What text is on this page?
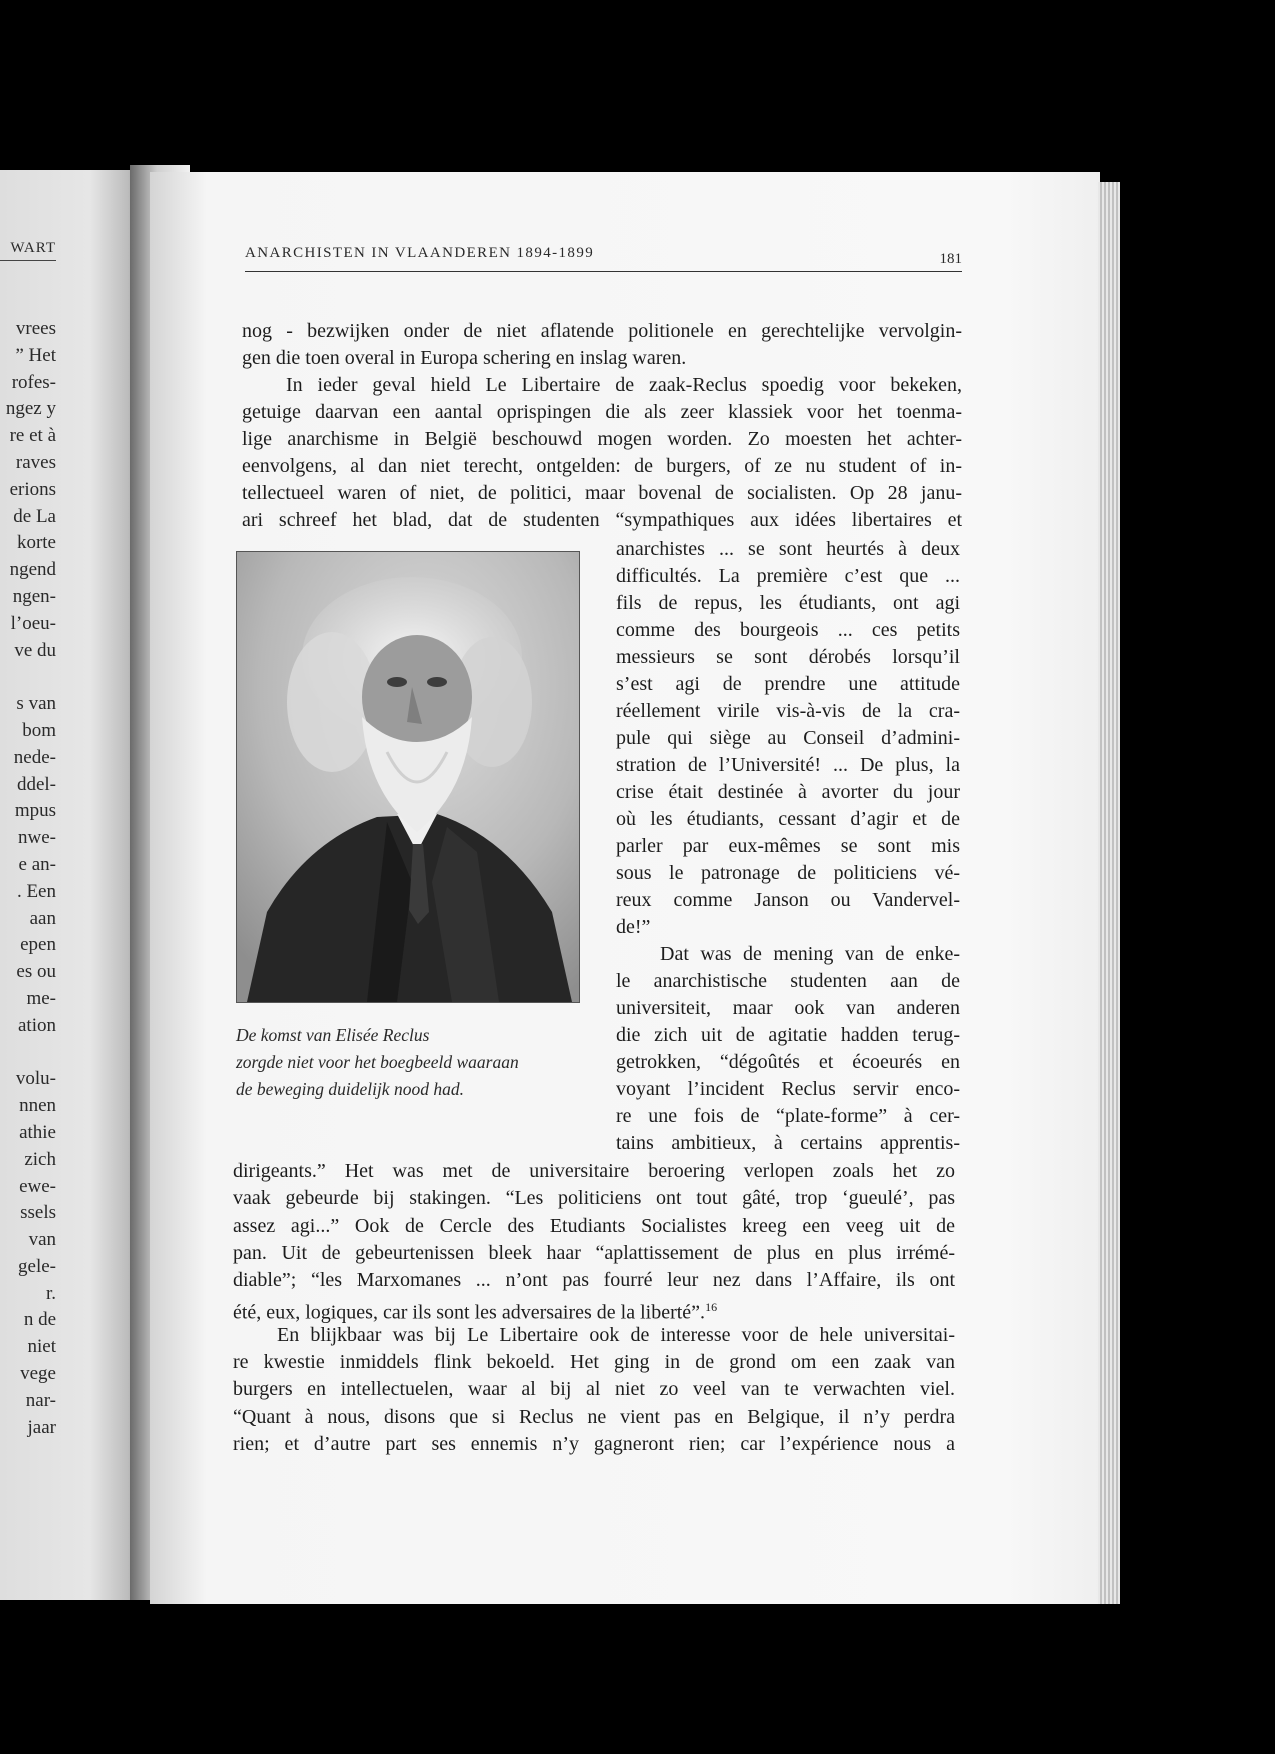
WART
vrees
” Het
rofes-
ngez y
re et à
raves
erions
de La
korte
ngend
ngen-
l’oeu-
ve du

s van
bom
nede-
ddel-
mpus
nwe-
e an-
. Een
aan
epen
es ou
me-
ation

volu-
nnen
athie
zich
ewe-
ssels
van
gele-
r.
n de
niet
vege
nar-
jaar
ANARCHISTEN IN VLAANDEREN 1894-1899	181
nog - bezwijken onder de niet aflatende politionele en gerechtelijke vervolgin-
gen die toen overal in Europa schering en inslag waren.
In ieder geval hield Le Libertaire de zaak-Reclus spoedig voor bekeken,
getuige daarvan een aantal oprispingen die als zeer klassiek voor het toenma-
lige anarchisme in België beschouwd mogen worden. Zo moesten het achter-
eenvolgens, al dan niet terecht, ontgelden: de burgers, of ze nu student of in-
tellectueel waren of niet, de politici, maar bovenal de socialisten. Op 28 janu-
ari schreef het blad, dat de studenten “sympathiques aux idées libertaires et
anarchistes ... se sont heurtés à deux
difficultés. La première c’est que ...
fils de repus, les étudiants, ont agi
comme des bourgeois ... ces petits
messieurs se sont dérobés lorsqu’il
s’est agi de prendre une attitude
réellement virile vis-à-vis de la cra-
pule qui siège au Conseil d’admini-
stration de l’Université! ... De plus, la
crise était destinée à avorter du jour
où les étudiants, cessant d’agir et de
parler par eux-mêmes se sont mis
sous le patronage de politiciens vé-
reux comme Janson ou Vandervel-
de!”
Dat was de mening van de enke-
le anarchistische studenten aan de
universiteit, maar ook van anderen
die zich uit de agitatie hadden terug-
getrokken, “dégoûtés et écoeurés en
voyant l’incident Reclus servir enco-
re une fois de “plate-forme” à cer-
tains ambitieux, à certains apprentis-
De komst van Elisée Reclus
zorgde niet voor het boegbeeld waaraan
de beweging duidelijk nood had.
dirigeants.” Het was met de universitaire beroering verlopen zoals het zo
vaak gebeurde bij stakingen. “Les politiciens ont tout gâté, trop ‘gueulé’, pas
assez agi...” Ook de Cercle des Etudiants Socialistes kreeg een veeg uit de
pan. Uit de gebeurtenissen bleek haar “aplattissement de plus en plus irrémé-
diable”; “les Marxomanes ... n’ont pas fourré leur nez dans l’Affaire, ils ont
été, eux, logiques, car ils sont les adversaires de la liberté”.$^{16}$
En blijkbaar was bij Le Libertaire ook de interesse voor de hele universitai-
re kwestie inmiddels flink bekoeld. Het ging in de grond om een zaak van
burgers en intellectuelen, waar al bij al niet zo veel van te verwachten viel.
“Quant à nous, disons que si Reclus ne vient pas en Belgique, il n’y perdra
rien; et d’autre part ses ennemis n’y gagneront rien; car l’expérience nous a
